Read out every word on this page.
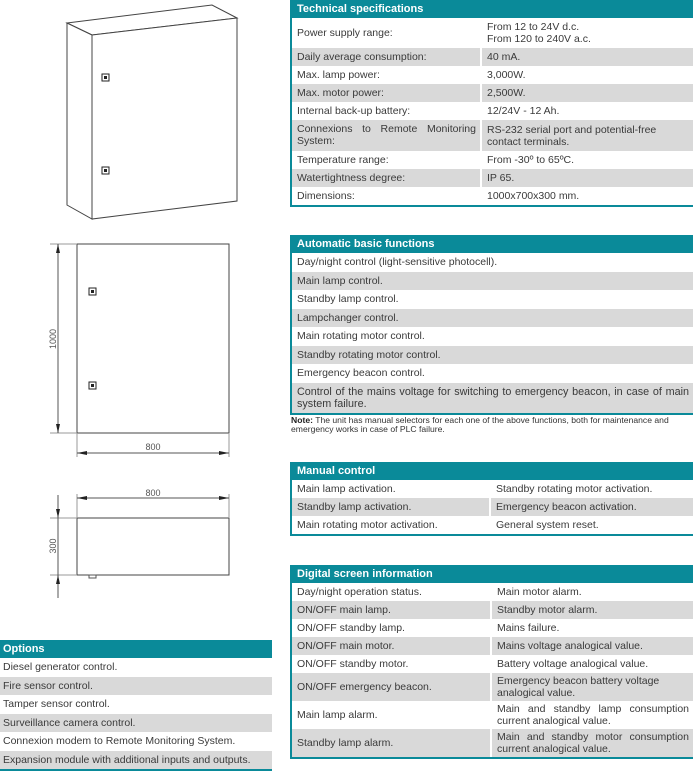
1000
800
800
300
Technical specifications
Power supply range:	From 12 to 24V d.c.
From 120 to 240V a.c.
Daily average consumption:	40 mA.
Max. lamp power:	3,000W.
Max. motor power:	2,500W.
Internal back-up battery:	12/24V - 12 Ah.
Connexions to Remote Monitoring System:
RS-232 serial port and potential-free contact terminals.
Temperature range:	From -30º to 65ºC.
Watertightness degree:	IP 65.
Dimensions:	1000x700x300 mm.
Automatic basic functions
Day/night control (light-sensitive photocell).
Main lamp control.
Standby lamp control.
Lampchanger control.
Main rotating motor control.
Standby rotating motor control.
Emergency beacon control.
Control of the mains voltage for switching to emergency beacon, in case of main system failure.
Note: The unit has manual selectors for each one of the above functions, both for maintenance and emergency works in case of PLC failure.
Manual control
Main lamp activation.	Standby rotating motor activation.
Standby lamp activation.	Emergency beacon activation.
Main rotating motor activation.	General system reset.
Digital screen information
Day/night operation status.	Main motor alarm.
ON/OFF main lamp.	Standby motor alarm.
ON/OFF standby lamp.	Mains failure.
ON/OFF main motor.	Mains voltage analogical value.
ON/OFF standby motor.	Battery voltage analogical value.
ON/OFF emergency beacon.	Emergency beacon battery voltage analogical value.
Main lamp alarm.	Main and standby lamp consumption current analogical value.
Standby lamp alarm.	Main and standby motor consumption current analogical value.
Options
Diesel generator control.
Fire sensor control.
Tamper sensor control.
Surveillance camera control.
Connexion modem to Remote Monitoring System.
Expansion module with additional inputs and outputs.
